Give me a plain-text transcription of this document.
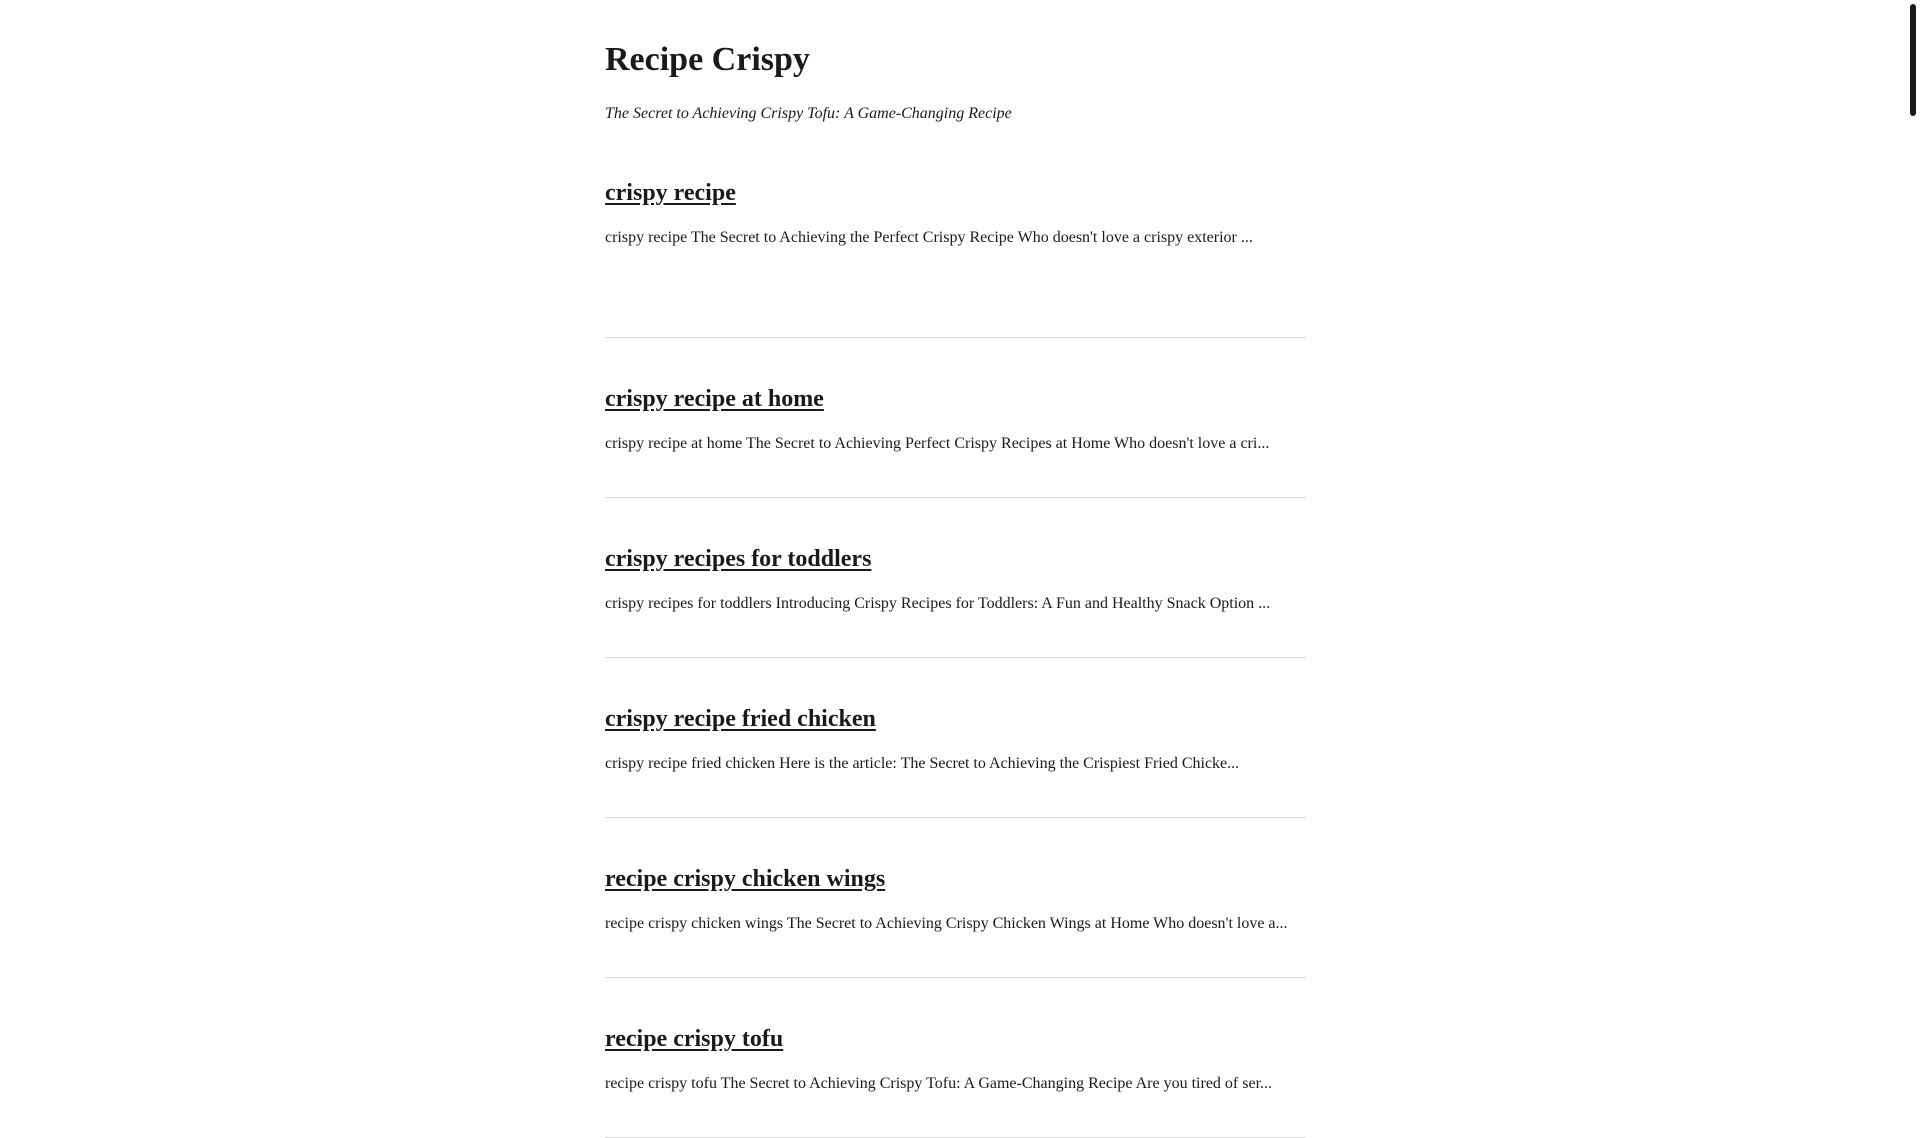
Recipe Crispy

The Secret to Achieving Crispy Tofu: A Game-Changing Recipe

crispy recipe

crispy recipe The Secret to Achieving the Perfect Crispy Recipe Who doesn't love a crispy exterior ...

crispy recipe at home

crispy recipe at home The Secret to Achieving Perfect Crispy Recipes at Home Who doesn't love a cri...

crispy recipes for toddlers

crispy recipes for toddlers Introducing Crispy Recipes for Toddlers: A Fun and Healthy Snack Option ...

crispy recipe fried chicken

crispy recipe fried chicken Here is the article: The Secret to Achieving the Crispiest Fried Chicke...

recipe crispy chicken wings

recipe crispy chicken wings The Secret to Achieving Crispy Chicken Wings at Home Who doesn't love a...

recipe crispy tofu

recipe crispy tofu The Secret to Achieving Crispy Tofu: A Game-Changing Recipe Are you tired of ser...
